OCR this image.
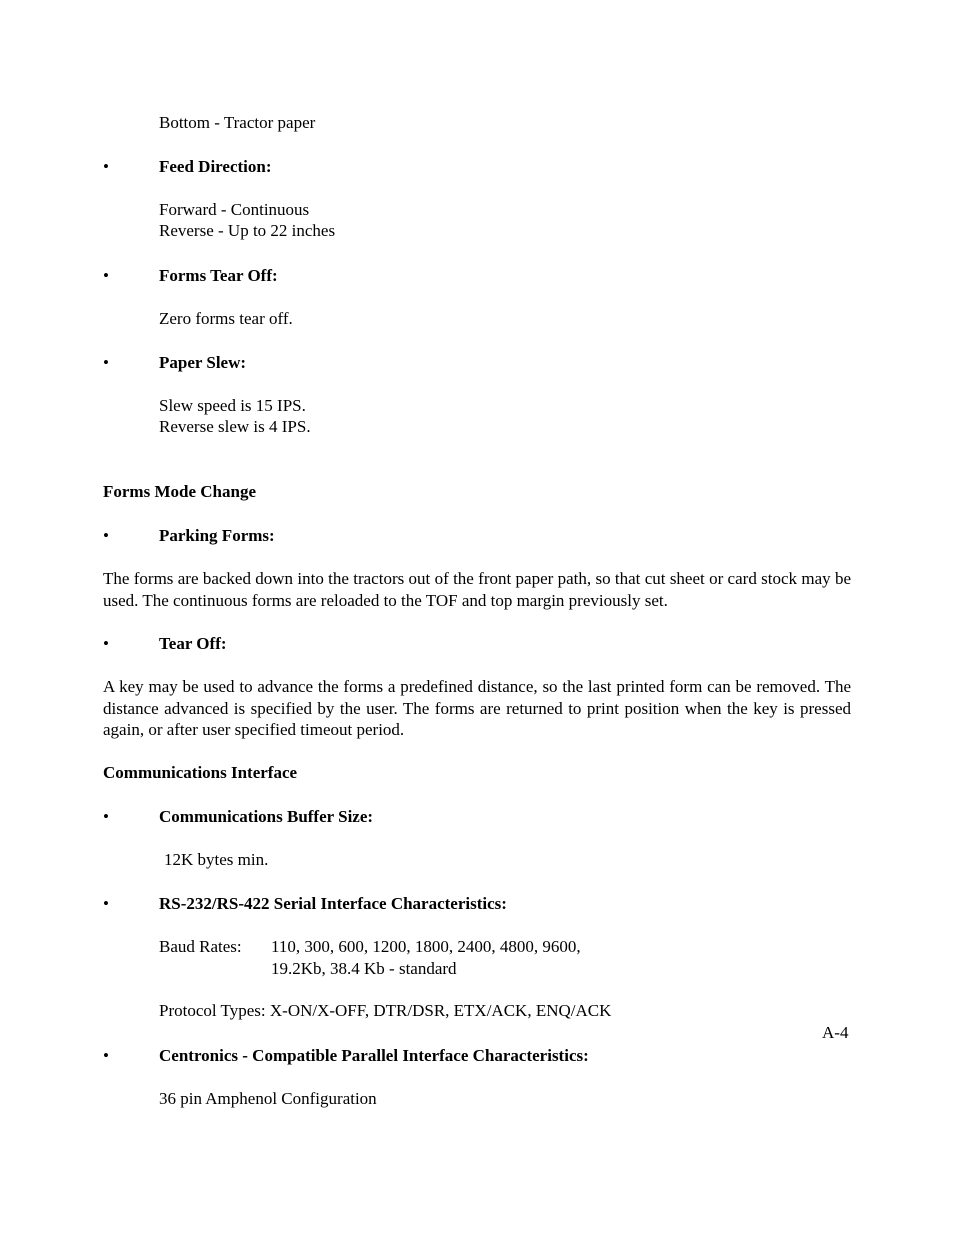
Bottom - Tractor paper
•	Feed Direction:
Forward - Continuous
Reverse - Up to 22 inches
•	Forms Tear Off:
Zero forms tear off.
•	Paper Slew:
Slew speed is 15 IPS.
Reverse slew is 4 IPS.
Forms Mode Change
•	Parking Forms:
The forms are backed down into the tractors out of the front paper path, so that cut sheet or card stock may be used. The continuous forms are reloaded to the TOF and top margin previously set.
•	Tear Off:
A key may be used to advance the forms a predefined distance, so the last printed form can be removed. The distance advanced is specified by the user. The forms are returned to print position when the key is pressed again, or after user specified timeout period.
Communications Interface
•	Communications Buffer Size:
12K bytes min.
•	RS-232/RS-422 Serial Interface Characteristics:
Baud Rates: 110, 300, 600, 1200, 1800, 2400, 4800, 9600,
19.2Kb, 38.4 Kb - standard
Protocol Types: X-ON/X-OFF, DTR/DSR, ETX/ACK, ENQ/ACK
A-4
•	Centronics - Compatible Parallel Interface Characteristics:
36 pin Amphenol Configuration
